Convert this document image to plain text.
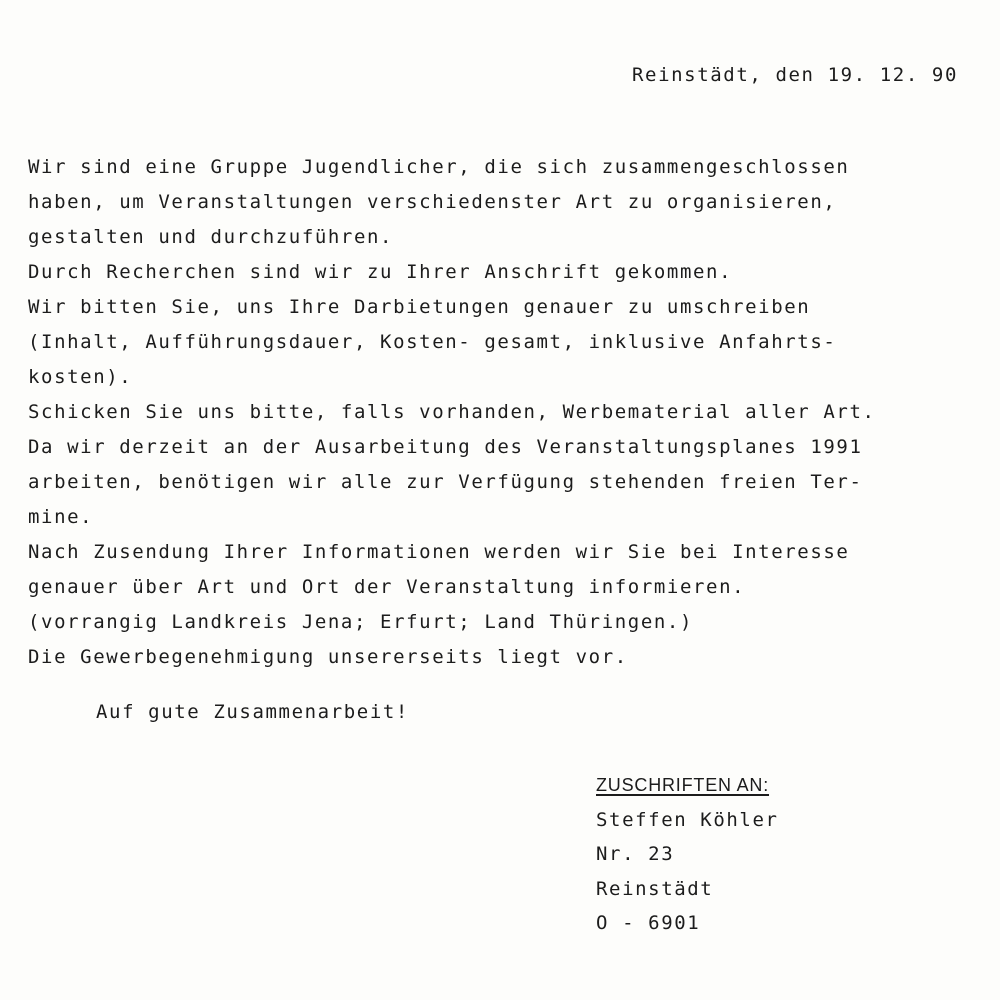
Reinstädt, den 19. 12. 90
Wir sind eine Gruppe Jugendlicher, die sich zusammengeschlossen
haben, um Veranstaltungen verschiedenster Art zu organisieren,
gestalten und durchzuführen.
Durch Recherchen sind wir zu Ihrer Anschrift gekommen.
Wir bitten Sie, uns Ihre Darbietungen genauer zu umschreiben
(Inhalt, Aufführungsdauer, Kosten- gesamt, inklusive Anfahrts-
kosten).
Schicken Sie uns bitte, falls vorhanden, Werbematerial aller Art.
Da wir derzeit an der Ausarbeitung des Veranstaltungsplanes 1991
arbeiten, benötigen wir alle zur Verfügung stehenden freien Ter-
mine.
Nach Zusendung Ihrer Informationen werden wir Sie bei Interesse
genauer über Art und Ort der Veranstaltung informieren.
(vorrangig Landkreis Jena; Erfurt; Land Thüringen.)
Die Gewerbegenehmigung unsererseits liegt vor.
Auf gute Zusammenarbeit!
ZUSCHRIFTEN AN:
Steffen Köhler
Nr. 23
Reinstädt
O - 6901
